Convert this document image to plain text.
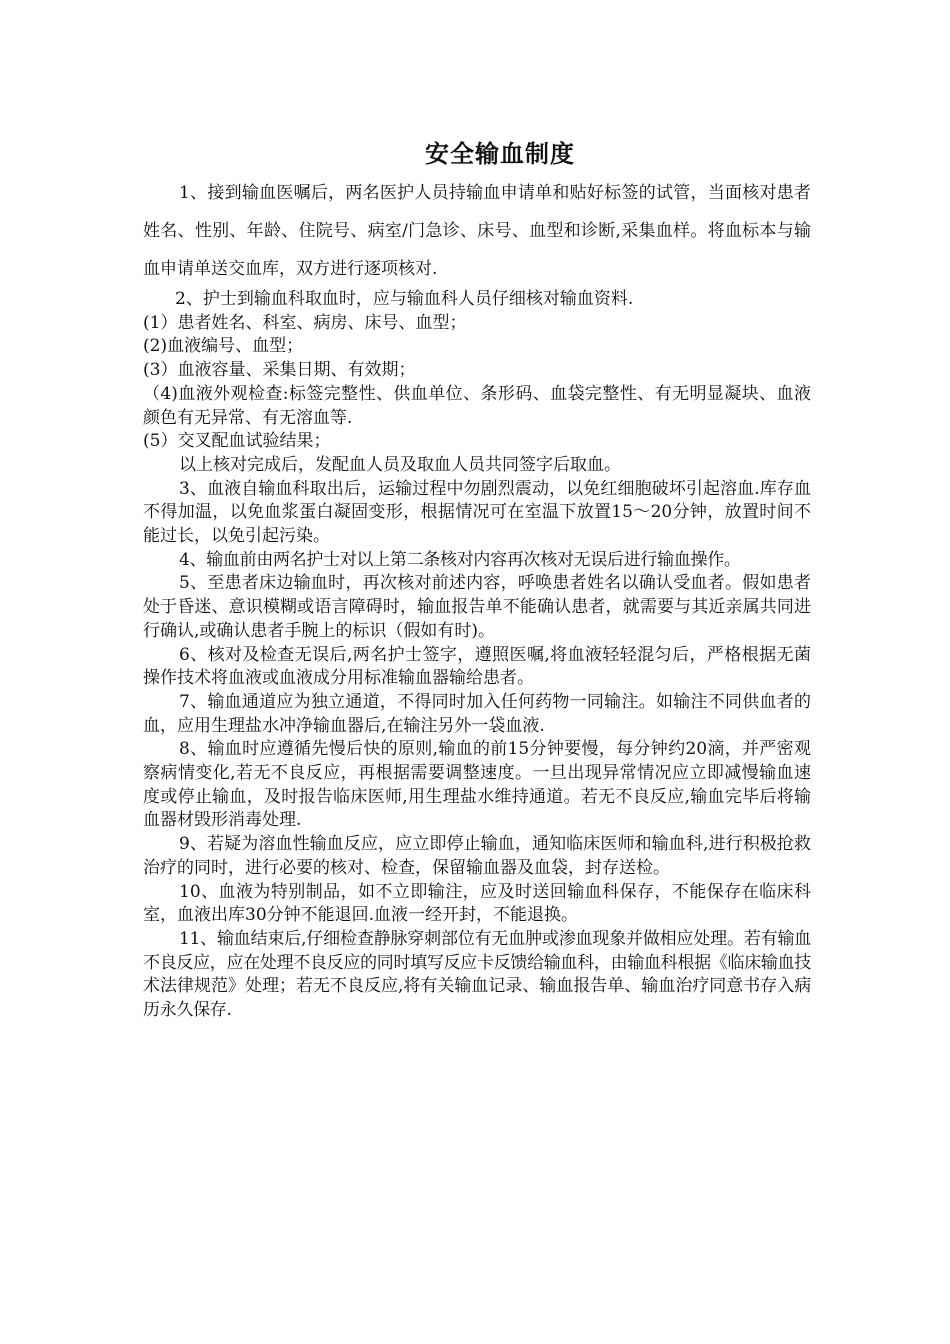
安全输血制度

1、接到输血医嘱后，两名医护人员持输血申请单和贴好标签的试管，当面核对患者姓名、性别、年龄、住院号、病室/门急诊、床号、血型和诊断,采集血样。将血标本与输血申请单送交血库，双方进行逐项核对.

2、护士到输血科取血时，应与输血科人员仔细核对输血资料.

(1）患者姓名、科室、病房、床号、血型；

(2)血液编号、血型；

(3）血液容量、采集日期、有效期；

（4)血液外观检查:标签完整性、供血单位、条形码、血袋完整性、有无明显凝块、血液颜色有无异常、有无溶血等.

(5）交叉配血试验结果；

以上核对完成后，发配血人员及取血人员共同签字后取血。

3、血液自输血科取出后，运输过程中勿剧烈震动，以免红细胞破坏引起溶血.库存血不得加温，以免血浆蛋白凝固变形，根据情况可在室温下放置15～20分钟，放置时间不能过长，以免引起污染。

4、输血前由两名护士对以上第二条核对内容再次核对无误后进行输血操作。

5、至患者床边输血时，再次核对前述内容，呼唤患者姓名以确认受血者。假如患者处于昏迷、意识模糊或语言障碍时，输血报告单不能确认患者，就需要与其近亲属共同进行确认,或确认患者手腕上的标识（假如有时)。

6、核对及检查无误后,两名护士签字，遵照医嘱,将血液轻轻混匀后，严格根据无菌操作技术将血液或血液成分用标准输血器输给患者。

7、输血通道应为独立通道，不得同时加入任何药物一同输注。如输注不同供血者的血，应用生理盐水冲净输血器后,在输注另外一袋血液.

8、输血时应遵循先慢后快的原则,输血的前15分钟要慢，每分钟约20滴，并严密观察病情变化,若无不良反应，再根据需要调整速度。一旦出现异常情况应立即减慢输血速度或停止输血，及时报告临床医师,用生理盐水维持通道。若无不良反应,输血完毕后将输血器材毁形消毒处理.

9、若疑为溶血性输血反应，应立即停止输血，通知临床医师和输血科,进行积极抢救治疗的同时，进行必要的核对、检查，保留输血器及血袋，封存送检。

10、血液为特别制品，如不立即输注，应及时送回输血科保存，不能保存在临床科室，血液出库30分钟不能退回.血液一经开封，不能退换。

11、输血结束后,仔细检查静脉穿刺部位有无血肿或渗血现象并做相应处理。若有输血不良反应，应在处理不良反应的同时填写反应卡反馈给输血科，由输血科根据《临床输血技术法律规范》处理；若无不良反应,将有关输血记录、输血报告单、输血治疗同意书存入病历永久保存.
